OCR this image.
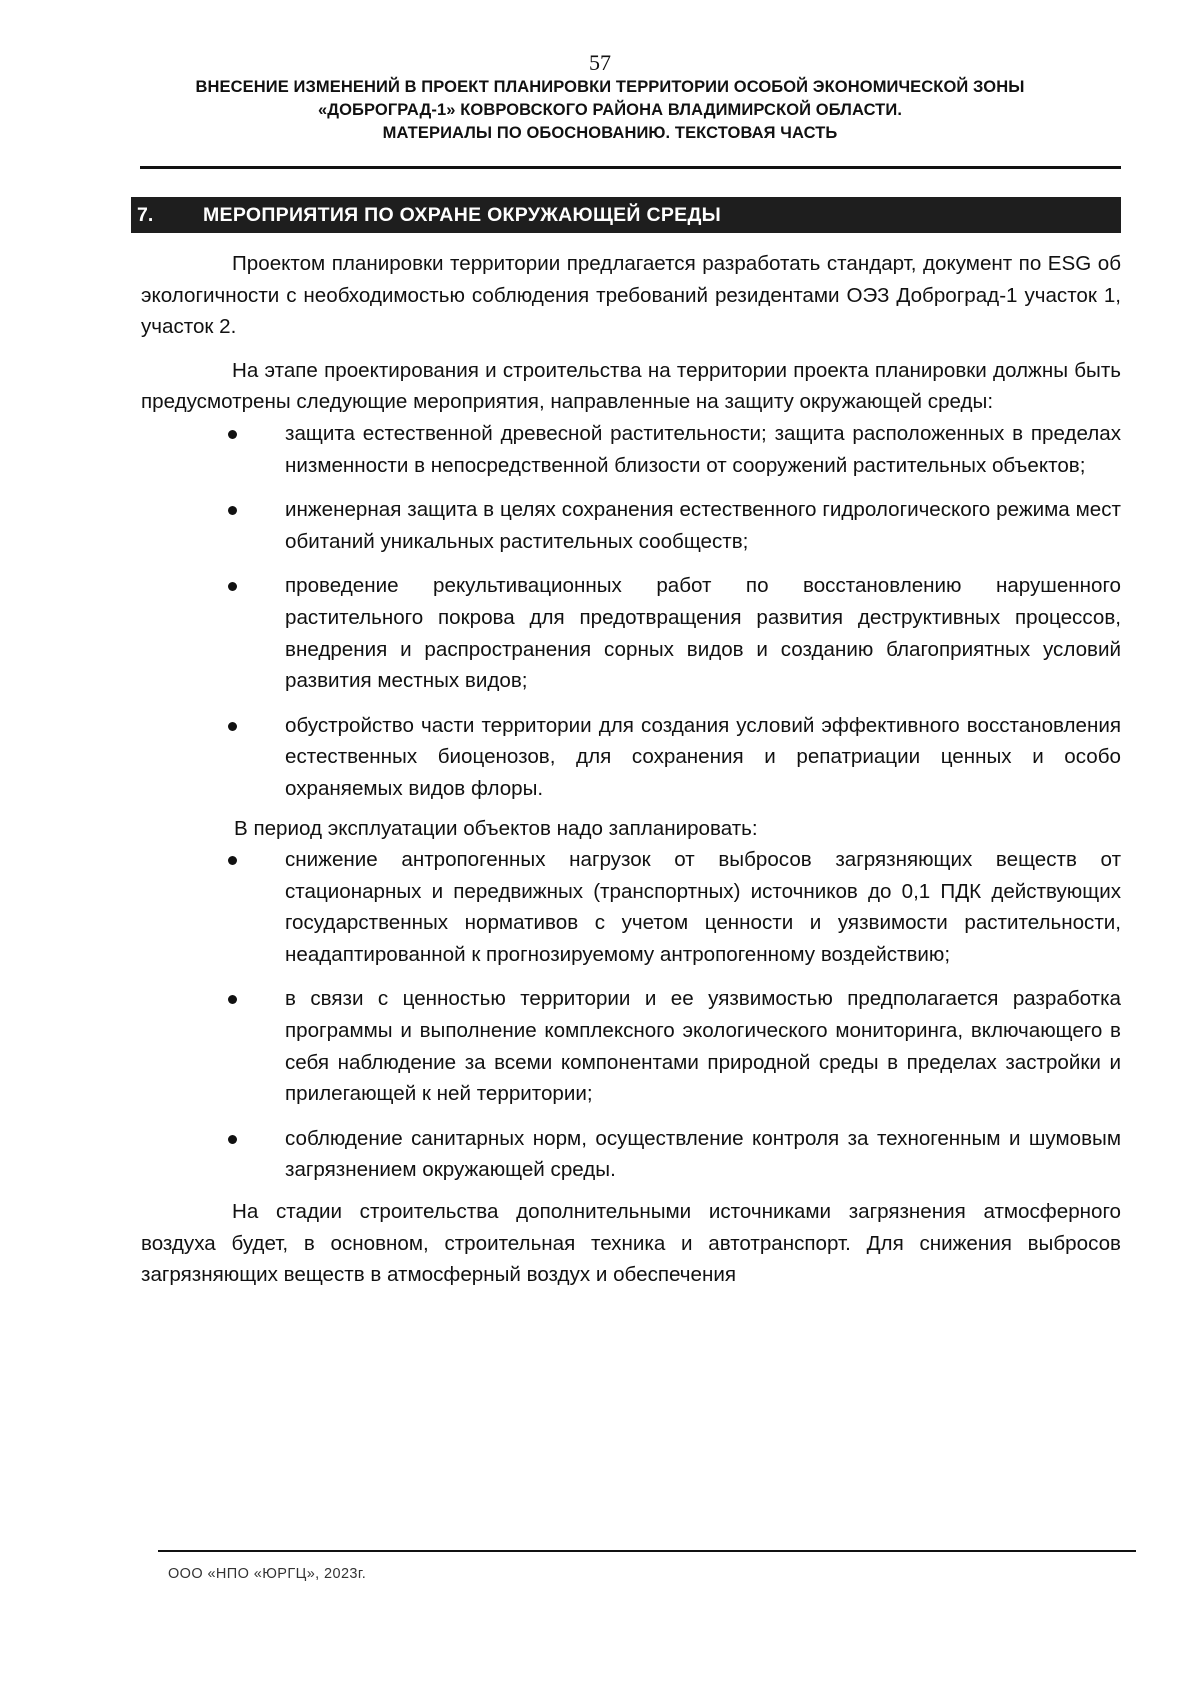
57
ВНЕСЕНИЕ ИЗМЕНЕНИЙ В ПРОЕКТ ПЛАНИРОВКИ ТЕРРИТОРИИ ОСОБОЙ ЭКОНОМИЧЕСКОЙ ЗОНЫ
«ДОБРОГРАД-1» КОВРОВСКОГО РАЙОНА ВЛАДИМИРСКОЙ ОБЛАСТИ.
МАТЕРИАЛЫ ПО ОБОСНОВАНИЮ. ТЕКСТОВАЯ ЧАСТЬ
7.	МЕРОПРИЯТИЯ ПО ОХРАНЕ ОКРУЖАЮЩЕЙ СРЕДЫ

Проектом планировки территории предлагается разработать стандарт, документ по ESG об экологичности с необходимостью соблюдения требований резидентами ОЭЗ Доброград-1 участок 1, участок 2.

На этапе проектирования и строительства на территории проекта планировки должны быть предусмотрены следующие мероприятия, направленные на защиту окружающей среды:

защита естественной древесной растительности; защита расположенных в пределах низменности в непосредственной близости от сооружений растительных объектов;
инженерная защита в целях сохранения естественного гидрологического режима мест обитаний уникальных растительных сообществ;
проведение рекультивационных работ по восстановлению нарушенного растительного покрова для предотвращения развития деструктивных процессов, внедрения и распространения сорных видов и созданию благоприятных условий развития местных видов;
обустройство части территории для создания условий эффективного восстановления естественных биоценозов, для сохранения и репатриации ценных и особо охраняемых видов флоры.

В период эксплуатации объектов надо запланировать:

снижение антропогенных нагрузок от выбросов загрязняющих веществ от стационарных и передвижных (транспортных) источников до 0,1 ПДК действующих государственных нормативов с учетом ценности и уязвимости растительности, неадаптированной к прогнозируемому антропогенному воздействию;
в связи с ценностью территории и ее уязвимостью предполагается разработка программы и выполнение комплексного экологического мониторинга, включающего в себя наблюдение за всеми компонентами природной среды в пределах застройки и прилегающей к ней территории;
соблюдение санитарных норм, осуществление контроля за техногенным и шумовым загрязнением окружающей среды.

На стадии строительства дополнительными источниками загрязнения атмосферного воздуха будет, в основном, строительная техника и автотранспорт. Для снижения выбросов загрязняющих веществ в атмосферный воздух и обеспечения

ООО «НПО «ЮРГЦ», 2023г.
